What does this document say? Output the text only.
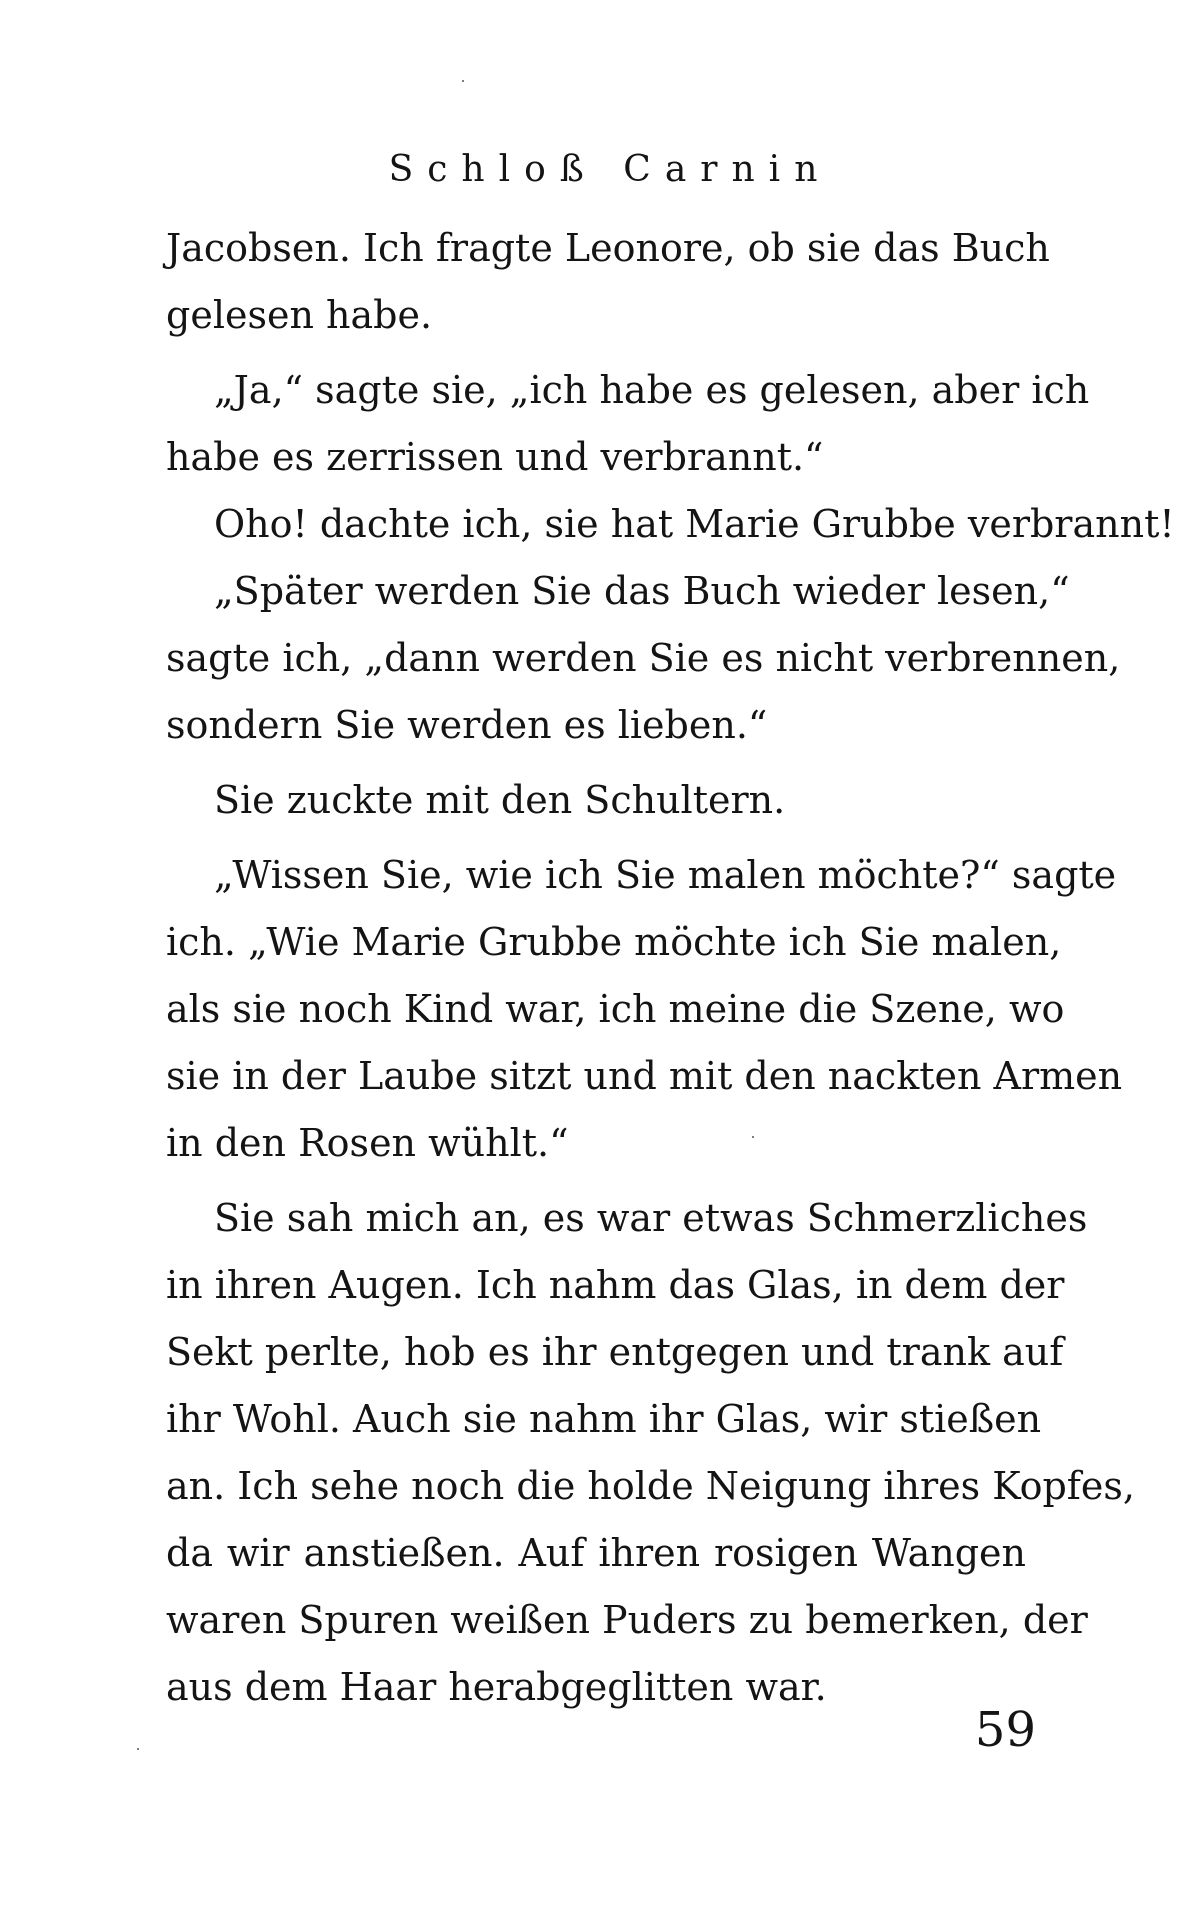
Schloß Carnin
Jacobsen. Ich fragte Leonore, ob sie das Buch
gelesen habe.
„Ja,“ sagte sie, „ich habe es gelesen, aber ich
habe es zerrissen und verbrannt.“
Oho! dachte ich, sie hat Marie Grubbe verbrannt!
„Später werden Sie das Buch wieder lesen,“
sagte ich, „dann werden Sie es nicht verbrennen,
sondern Sie werden es lieben.“
Sie zuckte mit den Schultern.
„Wissen Sie, wie ich Sie malen möchte?“ sagte
ich. „Wie Marie Grubbe möchte ich Sie malen,
als sie noch Kind war, ich meine die Szene, wo
sie in der Laube sitzt und mit den nackten Armen
in den Rosen wühlt.“
Sie sah mich an, es war etwas Schmerzliches
in ihren Augen. Ich nahm das Glas, in dem der
Sekt perlte, hob es ihr entgegen und trank auf
ihr Wohl. Auch sie nahm ihr Glas, wir stießen
an. Ich sehe noch die holde Neigung ihres Kopfes,
da wir anstießen. Auf ihren rosigen Wangen
waren Spuren weißen Puders zu bemerken, der
aus dem Haar herabgeglitten war.
59
